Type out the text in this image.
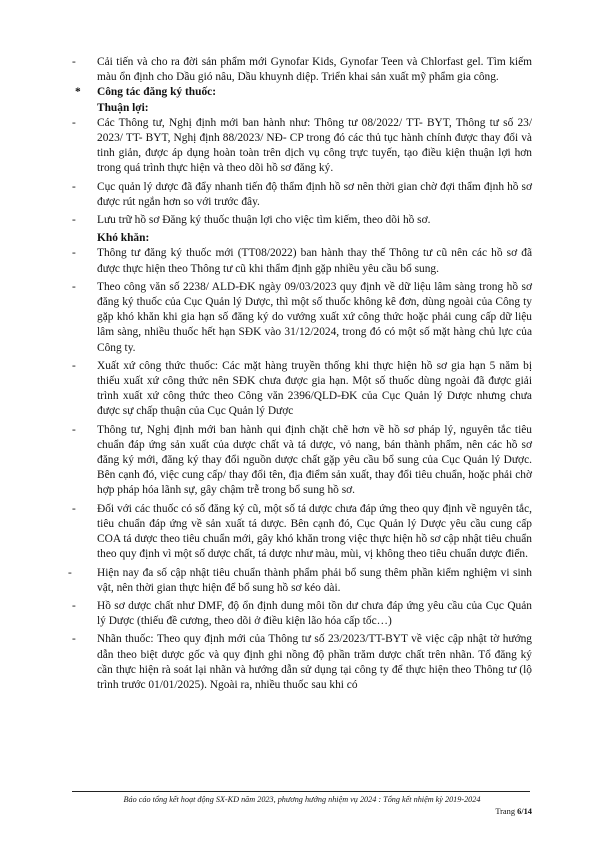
-	Cải tiến và cho ra đời sản phẩm mới Gynofar Kids, Gynofar Teen và Chlorfast gel. Tìm kiếm màu ổn định cho Dầu gió nâu, Dầu khuynh diệp. Triển khai sản xuất mỹ phẩm gia công.

* Công tác đăng ký thuốc:
Thuận lợi:

-	Các Thông tư, Nghị định mới ban hành như: Thông tư 08/2022/ TT- BYT, Thông tư số 23/ 2023/ TT- BYT, Nghị định 88/2023/ NĐ- CP trong đó các thủ tục hành chính được thay đổi và tinh giản, được áp dụng hoàn toàn trên dịch vụ công trực tuyến, tạo điều kiện thuận lợi hơn trong quá trình thực hiện và theo dõi hồ sơ đăng ký.

-	Cục quản lý dược đã đẩy nhanh tiến độ thẩm định hồ sơ nên thời gian chờ đợi thẩm định hồ sơ được rút ngắn hơn so với trước đây.

-	Lưu trữ hồ sơ Đăng ký thuốc thuận lợi cho việc tìm kiếm, theo dõi hồ sơ.

Khó khăn:

-	Thông tư đăng ký thuốc mới (TT08/2022) ban hành thay thế Thông tư cũ nên các hồ sơ đã được thực hiện theo Thông tư cũ khi thẩm định gặp nhiều yêu cầu bổ sung.

-	Theo công văn số 2238/ ALD-ĐK ngày 09/03/2023 quy định về dữ liệu lâm sàng trong hồ sơ đăng ký thuốc của Cục Quản lý Dược, thì một số thuốc không kê đơn, dùng ngoài của Công ty gặp khó khăn khi gia hạn số đăng ký do vướng xuất xứ công thức hoặc phải cung cấp dữ liệu lâm sàng, nhiều thuốc hết hạn SĐK vào 31/12/2024, trong đó có một số mặt hàng chủ lực của Công ty.

-	Xuất xứ công thức thuốc: Các mặt hàng truyền thống khi thực hiện hồ sơ gia hạn 5 năm bị thiếu xuất xứ công thức nên SĐK chưa được gia hạn. Một số thuốc dùng ngoài đã được giải trình xuất xứ công thức theo Công văn 2396/QLD-ĐK của Cục Quản lý Dược nhưng chưa được sự chấp thuận của Cục Quản lý Dược

-	Thông tư, Nghị định mới ban hành qui định chặt chẽ hơn về hồ sơ pháp lý, nguyên tắc tiêu chuẩn đáp ứng sản xuất của dược chất và tá dược, vỏ nang, bán thành phẩm, nên các hồ sơ đăng ký mới, đăng ký thay đổi nguồn dược chất gặp yêu cầu bổ sung của Cục Quản lý Dược. Bên cạnh đó, việc cung cấp/ thay đổi tên, địa điểm sản xuất, thay đổi tiêu chuẩn, hoặc phải chờ hợp pháp hóa lãnh sự, gây chậm trễ trong bổ sung hồ sơ.

-	Đối với các thuốc có số đăng ký cũ, một số tá dược chưa đáp ứng theo quy định về nguyên tắc, tiêu chuẩn đáp ứng về sản xuất tá dược. Bên cạnh đó, Cục Quản lý Dược yêu cầu cung cấp COA tá dược theo tiêu chuẩn mới, gây khó khăn trong việc thực hiện hồ sơ cập nhật tiêu chuẩn theo quy định vì một số dược chất, tá dược như màu, mùi, vị không theo tiêu chuẩn dược điển.

-	Hiện nay đa số cập nhật tiêu chuẩn thành phẩm phải bổ sung thêm phần kiểm nghiệm vi sinh vật, nên thời gian thực hiện để bổ sung hồ sơ kéo dài.

-	Hồ sơ dược chất như DMF, độ ổn định dung môi tồn dư chưa đáp ứng yêu cầu của Cục Quản lý Dược (thiếu đề cương, theo dõi ở điều kiện lão hóa cấp tốc…)

-	Nhãn thuốc: Theo quy định mới của Thông tư số 23/2023/TT-BYT về việc cập nhật tờ hướng dẫn theo biệt dược gốc và quy định ghi nồng độ phần trăm dược chất trên nhãn. Tổ đăng ký cần thực hiện rà soát lại nhãn và hướng dẫn sử dụng tại công ty để thực hiện theo Thông tư (lộ trình trước 01/01/2025). Ngoài ra, nhiều thuốc sau khi có

Báo cáo tổng kết hoạt động SX-KD năm 2023, phương hướng nhiệm vụ 2024 : Tổng kết nhiệm kỳ 2019-2024
Trang 6/14
